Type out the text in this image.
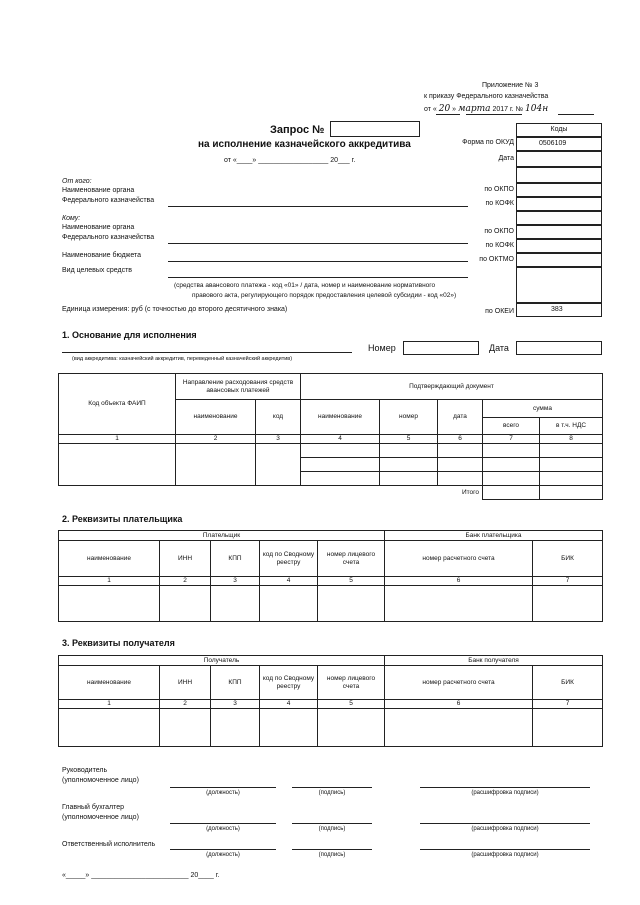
Приложение № 3
к приказу Федерального казначейства
от « 20 » марта 2017 г. № 104н
Запрос №
на исполнение казначейского аккредитива
от «____» __________________ 20___ г.
Коды
Форма по ОКУД	0506109
Дата
по ОКПО
по КОФК
по ОКПО
по КОФК
по ОКТМО
по ОКЕИ	383
От кого:
Наименование органа
Федерального казначейства
Кому:
Наименование органа
Федерального казначейства
Наименование бюджета
Вид целевых средств
(средства авансового платежа - код «01» / дата, номер и наименование нормативного
правового акта, регулирующего порядок предоставления целевой субсидии - код «02»)
Единица измерения: руб (с точностью до второго десятичного знака)
1. Основание для исполнения
(вид аккредитива: казначейский аккредитив, переведенный казначейский аккредитив)
Номер	Дата
Код объекта ФАИП	Направление расходования средств авансовых платежей		Подтверждающий документ				
	наименование	код	наименование	номер	дата	сумма	
						всего	в т.ч. НДС
1	2	3	4	5	6	7	8

Итого							
2. Реквизиты плательщика
Плательщик					Банк плательщика	
наименование	ИНН	КПП	код по Сводному реестру	номер лицевого счета	номер расчетного счета	БИК
1	2	3	4	5	6	7

3. Реквизиты получателя
Получатель					Банк получателя	
наименование	ИНН	КПП	код по Сводному реестру	номер лицевого счета	номер расчетного счета	БИК
1	2	3	4	5	6	7

Руководитель
(уполномоченное лицо)
(должность)	(подпись)	(расшифровка подписи)
Главный бухгалтер
(уполномоченное лицо)
(должность)	(подпись)	(расшифровка подписи)
Ответственный исполнитель
(должность)	(подпись)	(расшифровка подписи)
«_____» _________________________ 20____ г.
